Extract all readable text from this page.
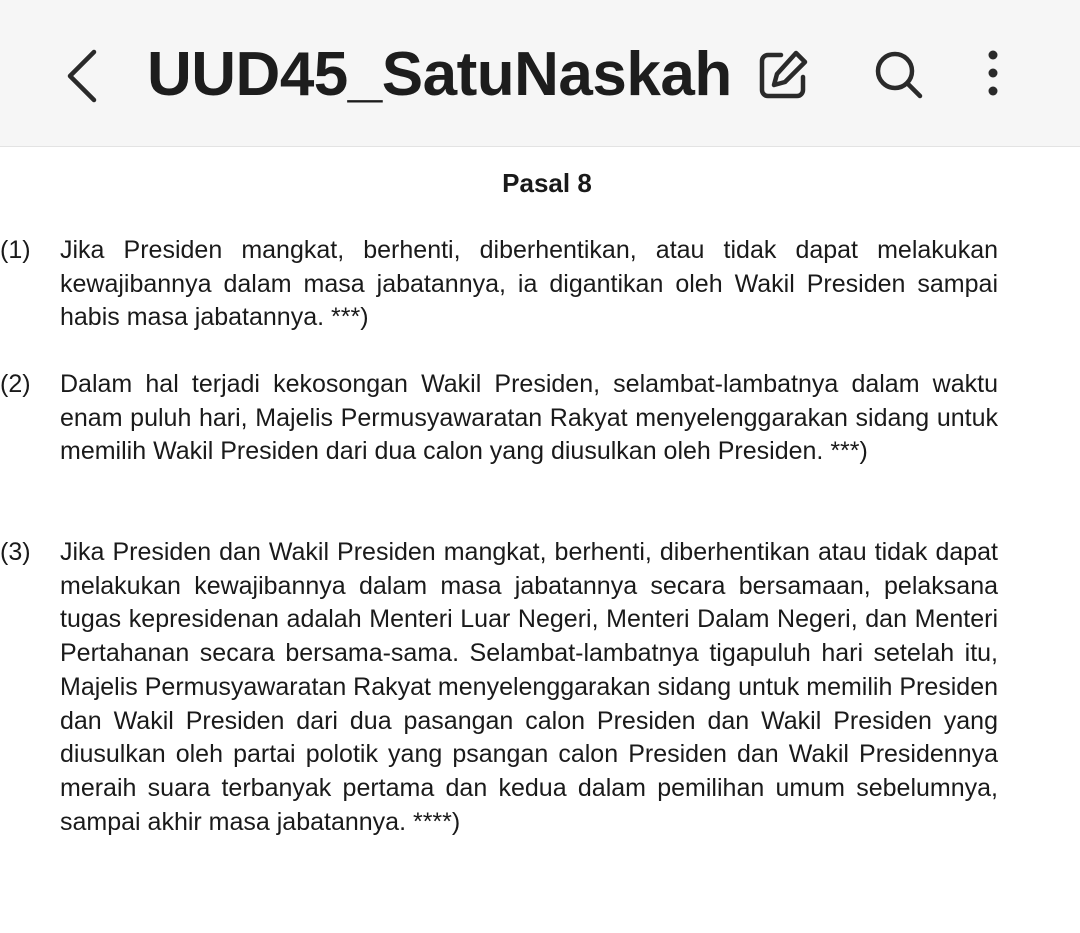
UUD45_SatuNaskah
Pasal 8
(1) Jika Presiden mangkat, berhenti, diberhentikan, atau tidak dapat melakukan kewajibannya dalam masa jabatannya, ia digantikan oleh Wakil Presiden sampai habis masa jabatannya. ***)
(2) Dalam hal terjadi kekosongan Wakil Presiden, selambat-lambatnya dalam waktu enam puluh hari, Majelis Permusyawaratan Rakyat menyelenggarakan sidang untuk memilih Wakil Presiden dari dua calon yang diusulkan oleh Presiden. ***)
(3) Jika Presiden dan Wakil Presiden mangkat, berhenti, diberhentikan atau tidak dapat melakukan kewajibannya dalam masa jabatannya secara bersamaan, pelaksana tugas kepresidenan adalah Menteri Luar Negeri, Menteri Dalam Negeri, dan Menteri Pertahanan secara bersama-sama. Selambat-lambatnya tigapuluh hari setelah itu, Majelis Permusyawaratan Rakyat menyelenggarakan sidang untuk memilih Presiden dan Wakil Presiden dari dua pasangan calon Presiden dan Wakil Presiden yang diusulkan oleh partai polotik yang psangan calon Presiden dan Wakil Presidennya meraih suara terbanyak pertama dan kedua dalam pemilihan umum sebelumnya, sampai akhir masa jabatannya. ****)
